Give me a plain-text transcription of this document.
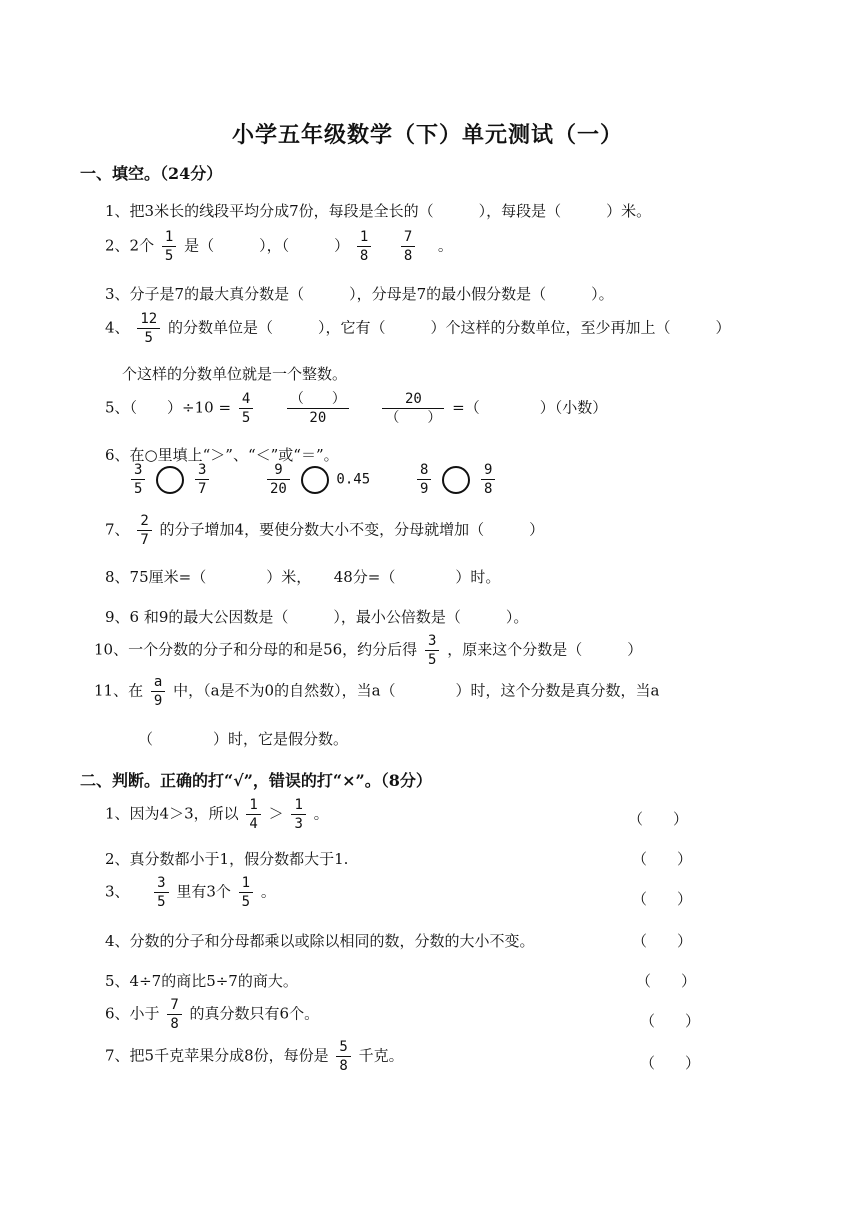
小学五年级数学（下）单元测试（一）
一、填空。（24分）
1、把3米长的线段平均分成7份，每段是全长的（　　　），每段是（　　　）米。
2、2个 $\frac{1}{5}$ 是（　　　），（　　　） $\frac{1}{8}$
$\frac{7}{8}$ 。
3、分子是7的最大真分数是（　　　），分母是7的最小假分数是（　　　）。
4、 $\frac{12}{5}$ 的分数单位是（　　　），它有（　　　）个这样的分数单位，至少再加上（　　　）
个这样的分数单位就是一个整数。
5、（　　）$\div 10 = \frac{4}{5}$
$\frac{( )}{20}$
$\frac{20}{( )}$ =（　　　　）（小数）
6、在○里填上“＞”、“＜”或“＝”。
$\frac{3}{5}$
	$\frac{3}{7}$	$\frac{9}{20}$	0.45	$\frac{8}{9}$
	$\frac{9}{8}$
7、 $\frac{2}{7}$ 的分子增加4，要使分数大小不变，分母就增加（　　　）
8、75厘米=（　　　　）米，　　48分=（　　　　）时。
9、6 和9的最大公因数是（　　　），最小公倍数是（　　　）。
10、一个分数的分子和分母的和是56，约分后得 $\frac{3}{5}$ ，原来这个分数是（　　　）
11、在 $\frac{a}{9}$ 中，（a是不为0的自然数），当a（　　　　）时，这个分数是真分数，当a
（　　　　）时，它是假分数。
二、判断。正确的打“√”，错误的打“×”。（8分）
1、因为4＞3，所以 $\frac{1}{4} > \frac{1}{3}$ 。	（　　）
2、真分数都小于1，假分数都大于1.	（　　）
3、 $\frac{3}{5}$ 里有3个 $\frac{1}{5}$ 。	（　　）
4、分数的分子和分母都乘以或除以相同的数，分数的大小不变。	（　　）
5、4÷7的商比5÷7的商大。	（　　）
6、小于 $\frac{7}{8}$ 的真分数只有6个。	（　　）
7、把5千克苹果分成8份，每份是 $\frac{5}{8}$ 千克。	（　　）
